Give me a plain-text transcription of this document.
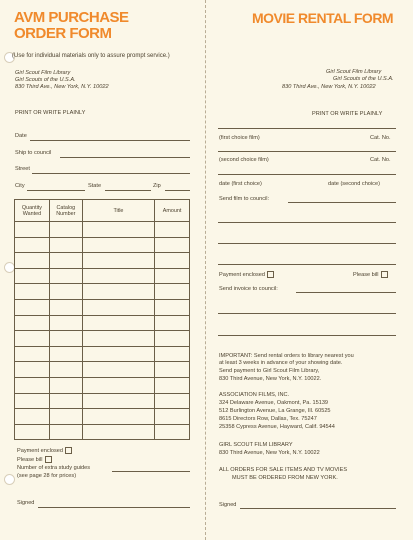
AVM PURCHASE
ORDER FORM
(Use for individual materials only to assure prompt service.)
Girl Scout Film Library
Girl Scouts of the U.S.A.
830 Third Ave., New York, N.Y. 10022
PRINT OR WRITE PLAINLY
Date
Ship to council
Street
City	State	Zip
Quantity Wanted	Catalog Number	Title	Amount

Payment enclosed
Please bill
Number of extra study guides
(see page 28 for prices)
Signed
MOVIE RENTAL FORM
Girl Scout Film Library
Girl Scouts of the U.S.A.
830 Third Ave., New York, N.Y. 10022
PRINT OR WRITE PLAINLY
(first choice film)	Cat. No.
(second choice film)	Cat. No.
date (first choice)	date (second choice)
Send film to council:
Payment enclosed	Please bill
Send invoice to council:
IMPORTANT: Send rental orders to library nearest you
at least 3 weeks in advance of your showing date.
Send payment to Girl Scout Film Library,
830 Third Avenue, New York, N.Y. 10022.
ASSOCIATION FILMS, INC.
324 Delaware Avenue, Oakmont, Pa. 15139
512 Burlington Avenue, La Grange, Ill. 60525
8615 Directors Row, Dallas, Tex. 75247
25358 Cypress Avenue, Hayward, Calif. 94544
GIRL SCOUT FILM LIBRARY
830 Third Avenue, New York, N.Y. 10022
ALL ORDERS FOR SALE ITEMS AND TV MOVIES
MUST BE ORDERED FROM NEW YORK.
Signed
